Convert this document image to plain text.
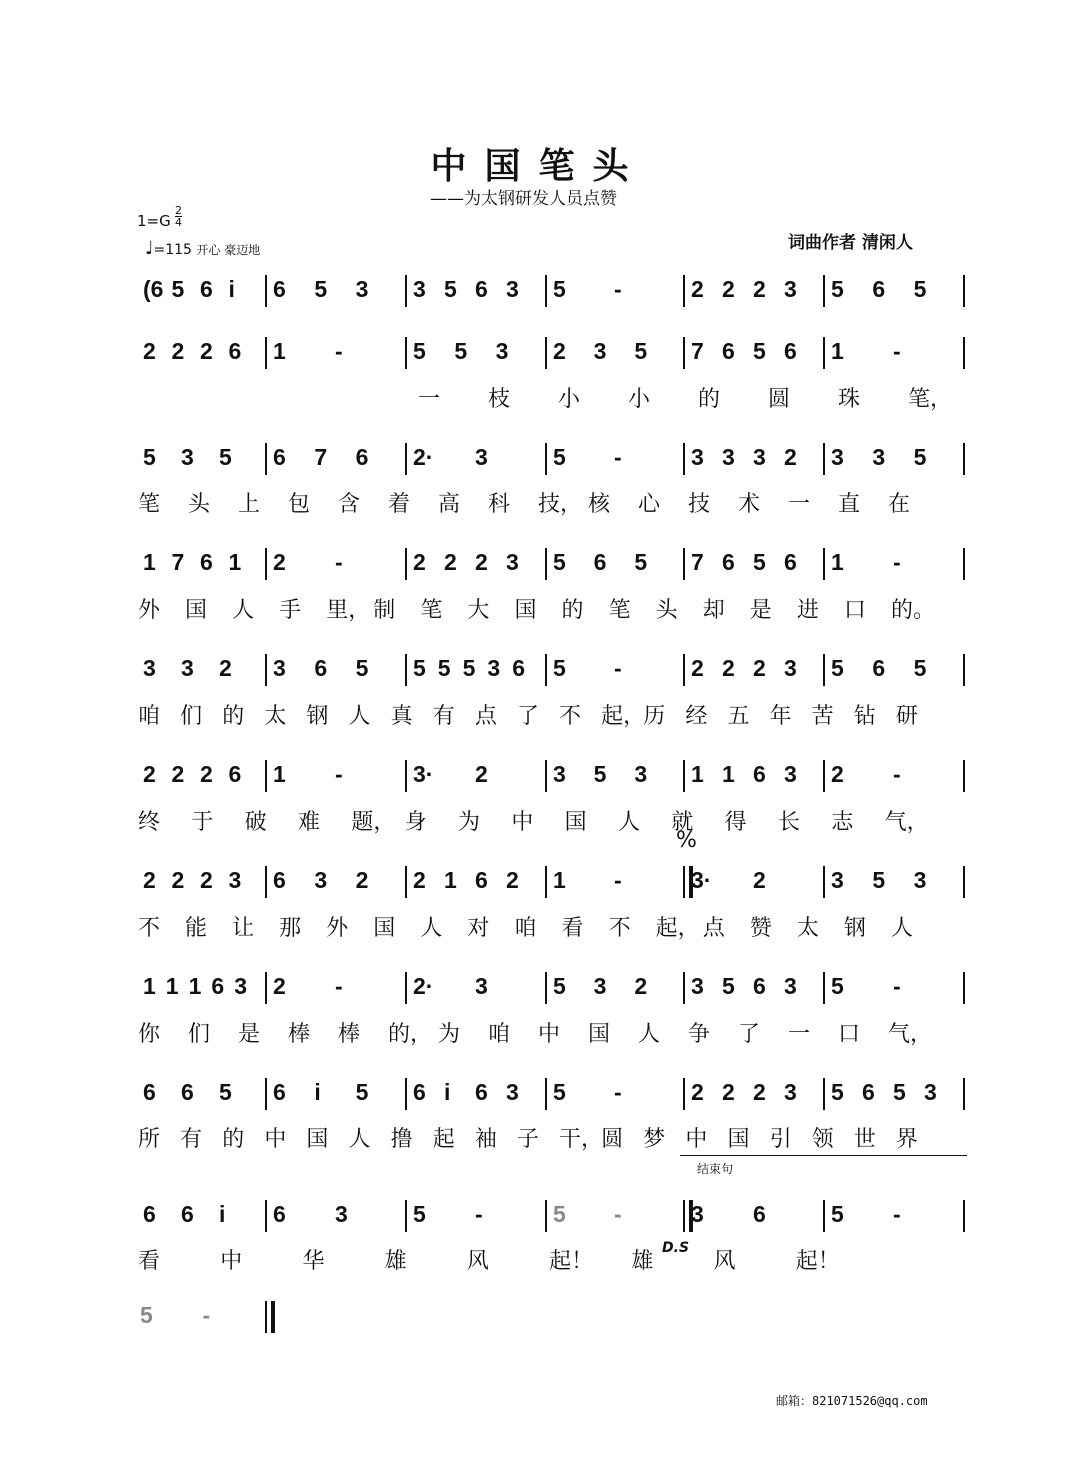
中国笔头
——为太钢研发人员点赞
$1=G \frac{2}{4}$
♩=115 开心 豪迈地	词曲作者 清闲人
(6 5 6 i 6 5 3 3 5 6 3 5 -	2 2 2 3 5 6 5
2 2 2 6 1 -	5 5 3 2 3 5 7 6 5 6 1 -
一 枝 小 小 的 圆 珠 笔，
5 3 5 6 7 6 2· 3	5 -	3 3 3 2 3 3 5
笔 头 上 包 含 着 高 科 技， 核 心 技 术 一 直 在
1 7 6 1 2 -	2 2 2 3 5 6 5 7 6 5 6 1 -
外 国 人 手 里， 制 笔 大 国 的 笔 头 却 是 进 口 的。
3 3 2 3 6 5 5 5 5 3 6 5 -	2 2 2 3 5 6 5
咱 们 的 太 钢 人 真 有 点 了 不 起，
历 经 五 年 苦 钻 研
2 2 2 6 1 -	3· 2	3 5 3 1 1 6 3 2 -
终 于 破 难 题， 身 为 中 国 人 就 得 长 志 气，
2 2 2 3 6 3 2 2 1 6 2 1 -	3· 2	3 5 3
不 能 让 那 外 国 人 对 咱 看 不 起， 点 赞 太 钢 人
1 1 1 6 3 2 -	2· 3	5 3 2 3 5 6 3 5 -
你 们 是 棒 棒 的， 为 咱 中 国 人 争 了 一 口 气，
6 6 5 6 i 5 6 i 6 3 5 -	2 2 2 3 5 6 5 3
所 有 的 中 国 人 撸 起 袖 子 干，
圆 梦 中 国 引 领 世 界
6 6 i 6 3	5 -	5 -	3 6	5 -
看	中	华	雄	风	起！ 雄	风	起！
5 -
%
D.S
结束句
邮箱：821071526@qq.com
